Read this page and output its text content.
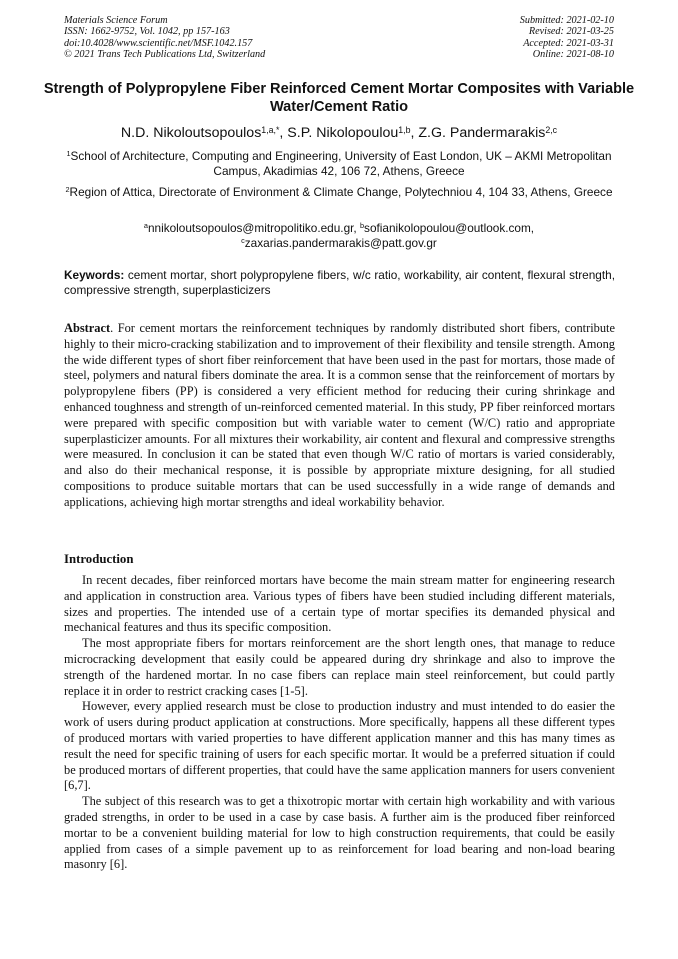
Materials Science Forum
ISSN: 1662-9752, Vol. 1042, pp 157-163
doi:10.4028/www.scientific.net/MSF.1042.157
© 2021 Trans Tech Publications Ltd, Switzerland
Submitted: 2021-02-10
Revised: 2021-03-25
Accepted: 2021-03-31
Online: 2021-08-10
Strength of Polypropylene Fiber Reinforced Cement Mortar Composites with Variable Water/Cement Ratio
N.D. Nikoloutsopoulos$^{1,a,*}$, S.P. Nikolopoulou$^{1,b}$, Z.G. Pandermarakis$^{2,c}$
$^1$School of Architecture, Computing and Engineering, University of East London, UK – AKMI Metropolitan Campus, Akadimias 42, 106 72, Athens, Greece
$^2$Region of Attica, Directorate of Environment & Climate Change, Polytechniou 4, 104 33, Athens, Greece
$^a$nnikoloutsopoulos@mitropolitiko.edu.gr, $^b$sofianikolopoulou@outlook.com,
$^c$zaxarias.pandermarakis@patt.gov.gr
Keywords: cement mortar, short polypropylene fibers, w/c ratio, workability, air content, flexural strength, compressive strength, superplasticizers
Abstract. For cement mortars the reinforcement techniques by randomly distributed short fibers, contribute highly to their micro-cracking stabilization and to improvement of their flexibility and tensile strength. Among the wide different types of short fiber reinforcement that have been used in the past for mortars, those made of steel, polymers and natural fibers dominate the area. It is a common sense that the reinforcement of mortars by polypropylene fibers (PP) is considered a very efficient method for reducing their curing shrinkage and enhanced toughness and strength of un-reinforced cemented material. In this study, PP fiber reinforced mortars were prepared with specific composition but with variable water to cement (W/C) ratio and appropriate superplasticizer amounts. For all mixtures their workability, air content and flexural and compressive strengths were measured. In conclusion it can be stated that even though W/C ratio of mortars is varied considerably, and also do their mechanical response, it is possible by appropriate mixture designing, for all studied compositions to produce suitable mortars that can be used successfully in a wide range of demands and applications, achieving high mortar strengths and ideal workability behavior.
Introduction

In recent decades, fiber reinforced mortars have become the main stream matter for engineering research and application in construction area. Various types of fibers have been studied including different materials, sizes and properties. The intended use of a certain type of mortar specifies its demanded physical and mechanical features and thus its specific composition.

The most appropriate fibers for mortars reinforcement are the short length ones, that manage to reduce microcracking development that easily could be appeared during dry shrinkage and also to improve the strength of the hardened mortar. In no case fibers can replace main steel reinforcement, but could partly replace it in order to restrict cracking cases [1-5].

However, every applied research must be close to production industry and must intended to do easier the work of users during product application at constructions. More specifically, happens all these different types of produced mortars with varied properties to have different application manner and this has many times as result the need for specific training of users for each specific mortar. It would be a preferred situation if could be produced mortars of different properties, that could have the same application manners for users convenient [6,7].

The subject of this research was to get a thixotropic mortar with certain high workability and with various graded strengths, in order to be used in a case by case basis. A further aim is the produced fiber reinforced mortar to be a convenient building material for low to high construction requirements, that could be easily applied from cases of a simple pavement up to as reinforcement for load bearing and non-load bearing masonry [6].
